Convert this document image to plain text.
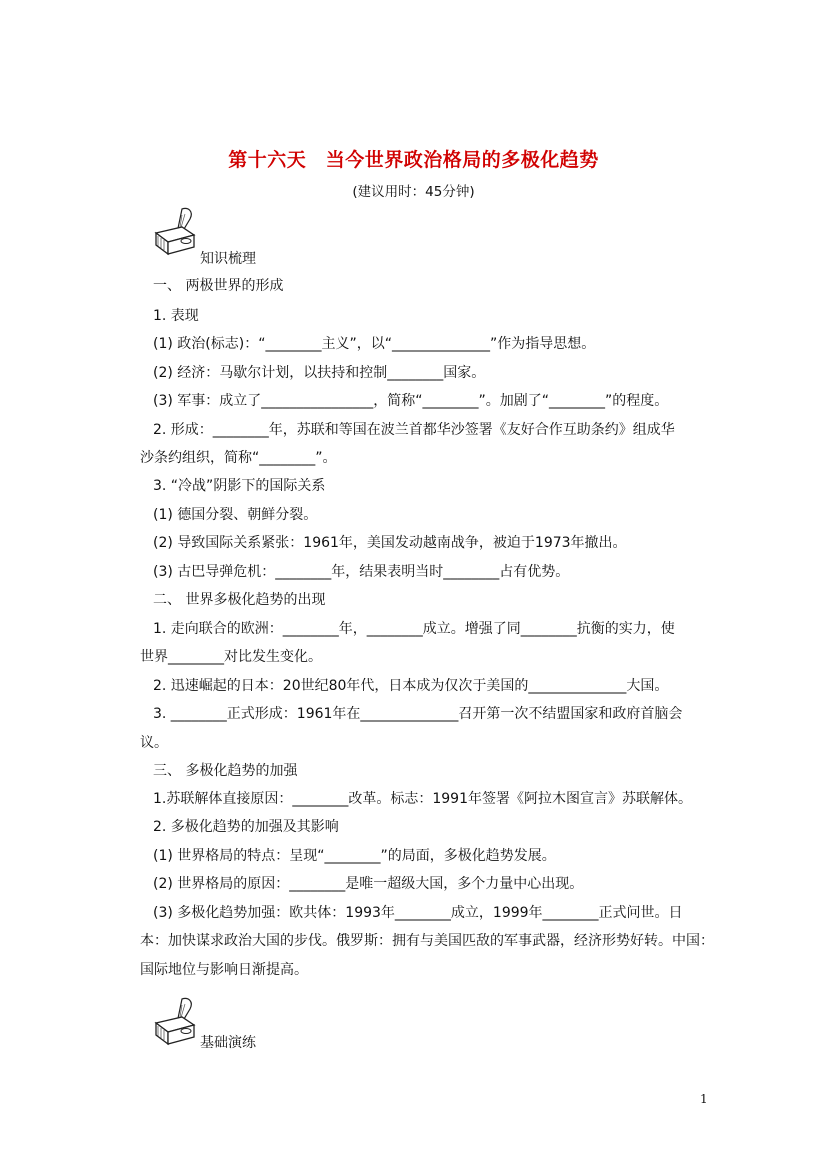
第十六天　当今世界政治格局的多极化趋势
(建议用时：45分钟)
知识梳理
一、 两极世界的形成
1. 表现
(1) 政治(标志)：“________主义”，以“______________”作为指导思想。
(2) 经济：马歇尔计划，以扶持和控制________国家。
(3) 军事：成立了________________，简称“________”。加剧了“________”的程度。
2. 形成：________年，苏联和等国在波兰首都华沙签署《友好合作互助条约》组成华
沙条约组织，简称“________”。
3. “冷战”阴影下的国际关系
(1) 德国分裂、朝鲜分裂。
(2) 导致国际关系紧张：1961年，美国发动越南战争，被迫于1973年撤出。
(3) 古巴导弹危机：________年，结果表明当时________占有优势。
二、 世界多极化趋势的出现
1. 走向联合的欧洲：________年，________成立。增强了同________抗衡的实力，使
世界________对比发生变化。
2. 迅速崛起的日本：20世纪80年代，日本成为仅次于美国的______________大国。
3. ________正式形成：1961年在______________召开第一次不结盟国家和政府首脑会
议。
三、 多极化趋势的加强
1.苏联解体直接原因：________改革。标志：1991年签署《阿拉木图宣言》苏联解体。
2. 多极化趋势的加强及其影响
(1) 世界格局的特点：呈现“________”的局面，多极化趋势发展。
(2) 世界格局的原因：________是唯一超级大国，多个力量中心出现。
(3) 多极化趋势加强：欧共体：1993年________成立，1999年________正式问世。日
本：加快谋求政治大国的步伐。俄罗斯：拥有与美国匹敌的军事武器，经济形势好转。中国：
国际地位与影响日渐提高。
基础演练
1
